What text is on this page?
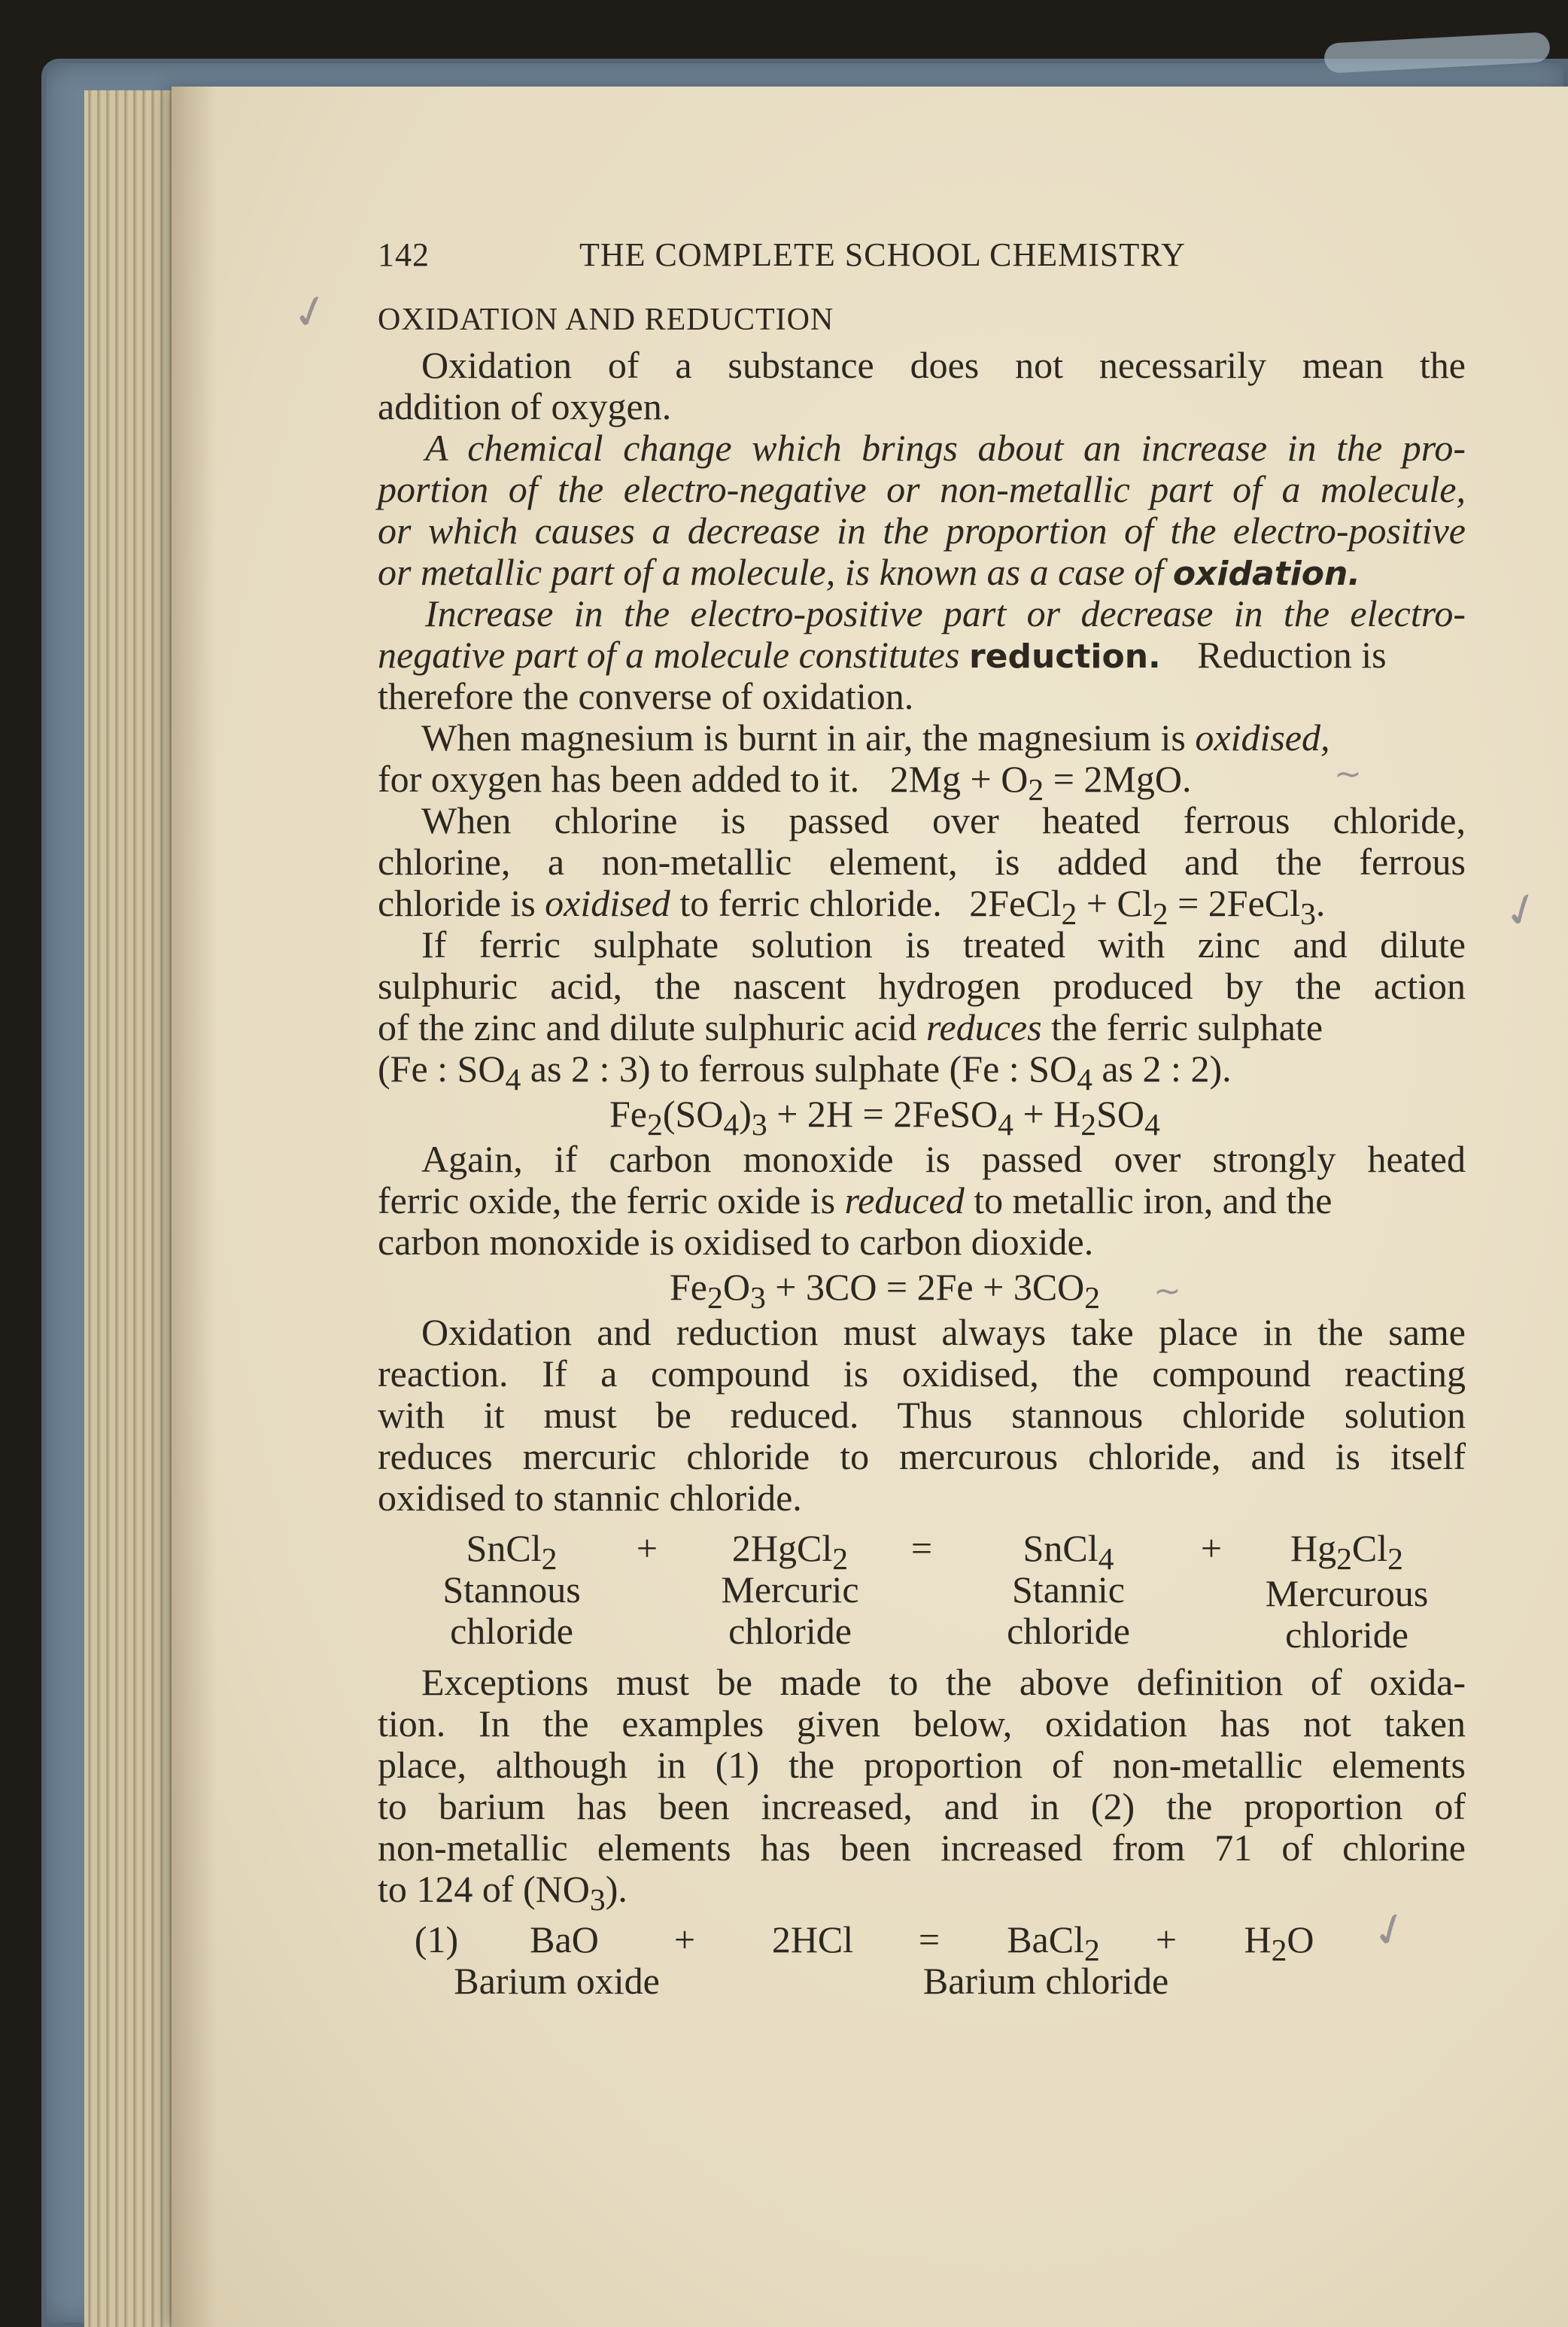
✓
~
✓
~
✓
142	THE COMPLETE SCHOOL CHEMISTRY
OXIDATION AND REDUCTION
Oxidation of a substance does not necessarily mean the
addition of oxygen.
A chemical change which brings about an increase in the pro-
portion of the electro-negative or non-metallic part of a molecule,
or which causes a decrease in the proportion of the electro-positive
or metallic part of a molecule, is known as a case of oxidation.
Increase in the electro-positive part or decrease in the electro-
negative part of a molecule constitutes reduction. Reduction is
therefore the converse of oxidation.
When magnesium is burnt in air, the magnesium is oxidised,
for oxygen has been added to it. $2Mg + O_2 = 2MgO$.
When chlorine is passed over heated ferrous chloride,
chlorine, a non-metallic element, is added and the ferrous
chloride is oxidised to ferric chloride. 2FeCl$_2$ + $Cl_2$ = 2FeCl$_3$.
If ferric sulphate solution is treated with zinc and dilute
sulphuric acid, the nascent hydrogen produced by the action
of the zinc and dilute sulphuric acid reduces the ferric sulphate
(Fe : $SO_4$ as 2 : 3) to ferrous sulphate (Fe : $SO_4$ as 2 : 2).
$Fe_2(SO_4)_3 + 2H$ = 2FeSO$_4$ + $H_2SO_4$
Again, if carbon monoxide is passed over strongly heated
ferric oxide, the ferric oxide is reduced to metallic iron, and the
carbon monoxide is oxidised to carbon dioxide.
$Fe_2O_3 + 3CO = 2Fe + 3CO_2$
Oxidation and reduction must always take place in the same
reaction. If a compound is oxidised, the compound reacting
with it must be reduced. Thus stannous chloride solution
reduces mercuric chloride to mercurous chloride, and is itself
oxidised to stannic chloride.
SnCl$_2$	+	2HgCl$_2$	=	SnCl$_4$	+	$Hg_2Cl_2$
Stannous	Mercuric	Stannic	Mercurous
chloride	chloride	chloride	chloride
Exceptions must be made to the above definition of oxida-
tion. In the examples given below, oxidation has not taken
place, although in (1) the proportion of non-metallic elements
to barium has been increased, and in (2) the proportion of
non-metallic elements has been increased from 71 of chlorine
to 124 of $(NO_3)$.
(1)	BaO	+	2HCl	=	BaCl$_2$	+	$H_2O$
Barium oxide	Barium chloride
